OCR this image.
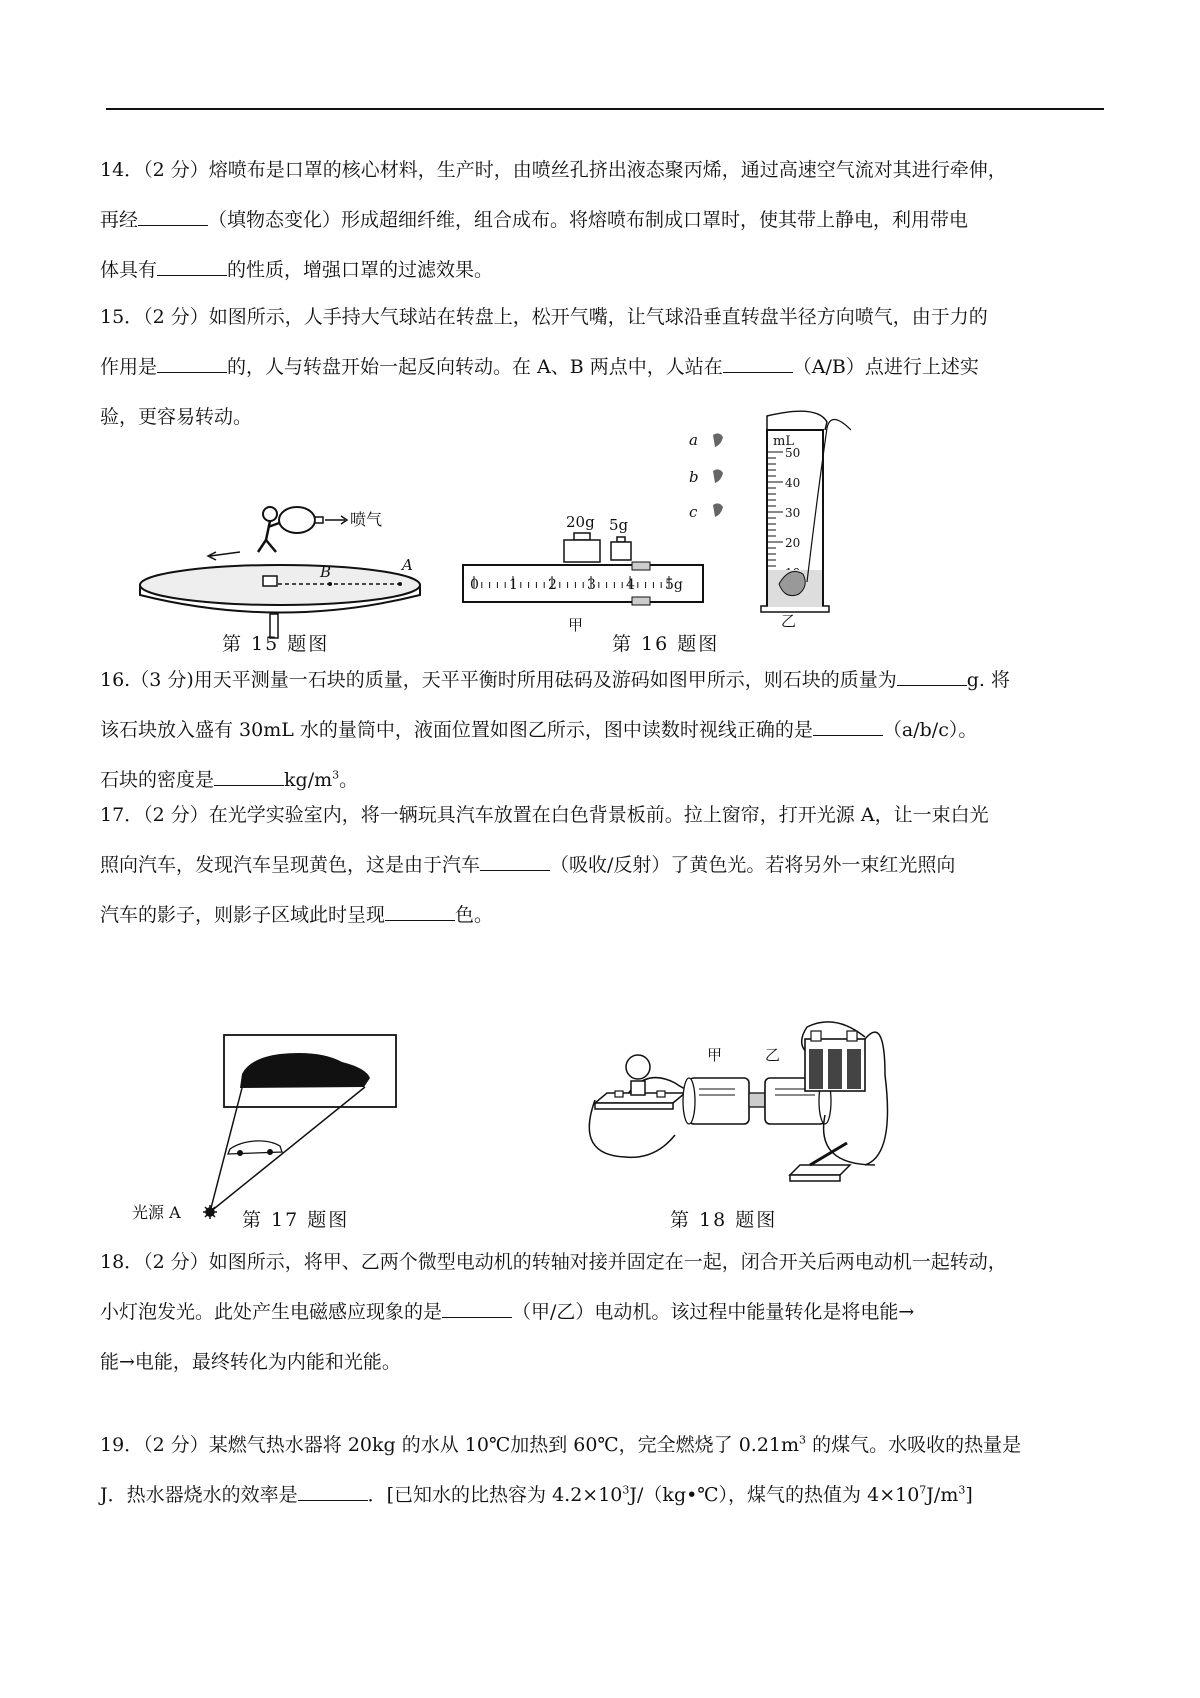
14．（2 分）熔喷布是口罩的核心材料，生产时，由喷丝孔挤出液态聚丙烯，通过高速空气流对其进行牵伸，
再经	（填物态变化）形成超细纤维，组合成布。将熔喷布制成口罩时，使其带上静电，利用带电
体具有	的性质，增强口罩的过滤效果。
15．（2 分）如图所示，人手持大气球站在转盘上，松开气嘴，让气球沿垂直转盘半径方向喷气，由于力的
作用是	的，人与转盘开始一起反向转动。在 A、B 两点中，人站在	（A/B）点进行上述实
验，更容易转动。
B	A
喷气
第 15 题图
20g 5g
0 1 2 3 4 5g
甲
a
b
c
mL
50
40
30
20
乙
第 16 题图
16.（3 分)用天平测量一石块的质量，天平平衡时所用砝码及游码如图甲所示，则石块的质量为	g. 将
该石块放入盛有 30mL 水的量筒中，液面位置如图乙所示，图中读数时视线正确的是	（a/b/c）。
石块的密度是	$kg/m^3$。
17．（2 分）在光学实验室内，将一辆玩具汽车放置在白色背景板前。拉上窗帘，打开光源 A，让一束白光
照向汽车，发现汽车呈现黄色，这是由于汽车	（吸收/反射）了黄色光。若将另外一束红光照向
汽车的影子，则影子区域此时呈现	色。
光源 A	第 17 题图
甲	乙
第 18 题图
18．（2 分）如图所示，将甲、乙两个微型电动机的转轴对接并固定在一起，闭合开关后两电动机一起转动，
小灯泡发光。此处产生电磁感应现象的是	（甲/乙）电动机。该过程中能量转化是将电能→
能→电能，最终转化为内能和光能。
19．（2 分）某燃气热水器将 20kg 的水从 10℃加热到 60℃，完全燃烧了 $0.21m^3$ 的煤气。水吸收的热量是
J．热水器烧水的效率是	．[已知水的比热容为 $4.2\times 10^3J/(kg•℃)$，煤气的热值为 $4\times 10^7J/m^3$]
